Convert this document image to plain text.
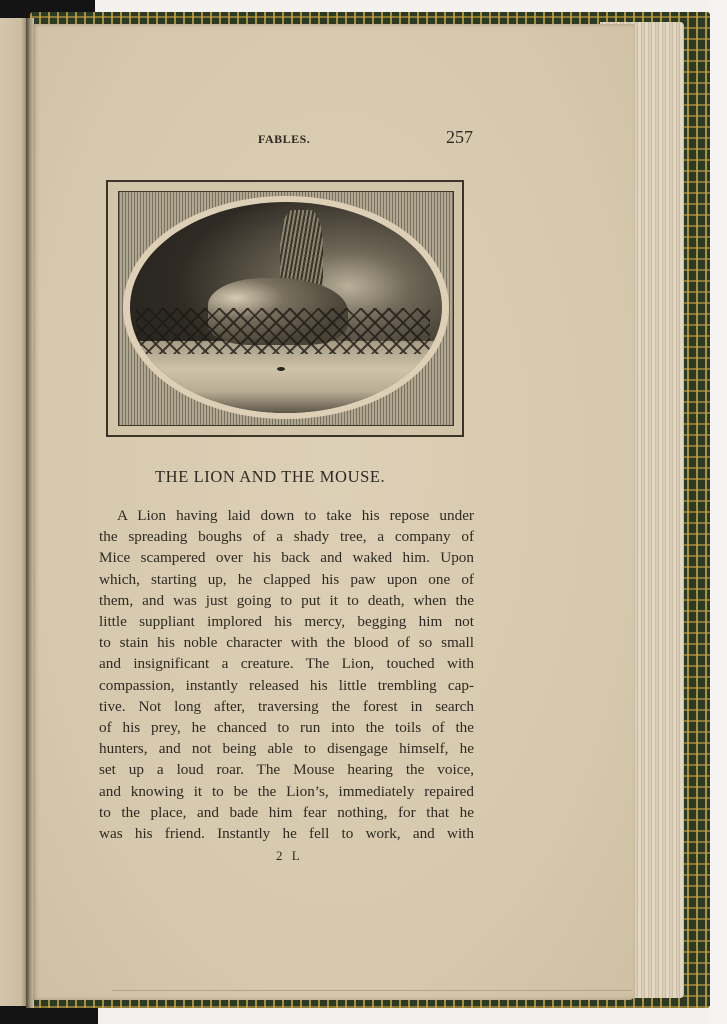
FABLES.	257
THE LION AND THE MOUSE.
A Lion having laid down to take his repose under
the spreading boughs of a shady tree, a company of
Mice scampered over his back and waked him. Upon
which, starting up, he clapped his paw upon one of
them, and was just going to put it to death, when the
little suppliant implored his mercy, begging him not
to stain his noble character with the blood of so small
and insignificant a creature. The Lion, touched with
compassion, instantly released his little trembling cap-
tive. Not long after, traversing the forest in search
of his prey, he chanced to run into the toils of the
hunters, and not being able to disengage himself, he
set up a loud roar. The Mouse hearing the voice,
and knowing it to be the Lion’s, immediately repaired
to the place, and bade him fear nothing, for that he
was his friend. Instantly he fell to work, and with
2 L
